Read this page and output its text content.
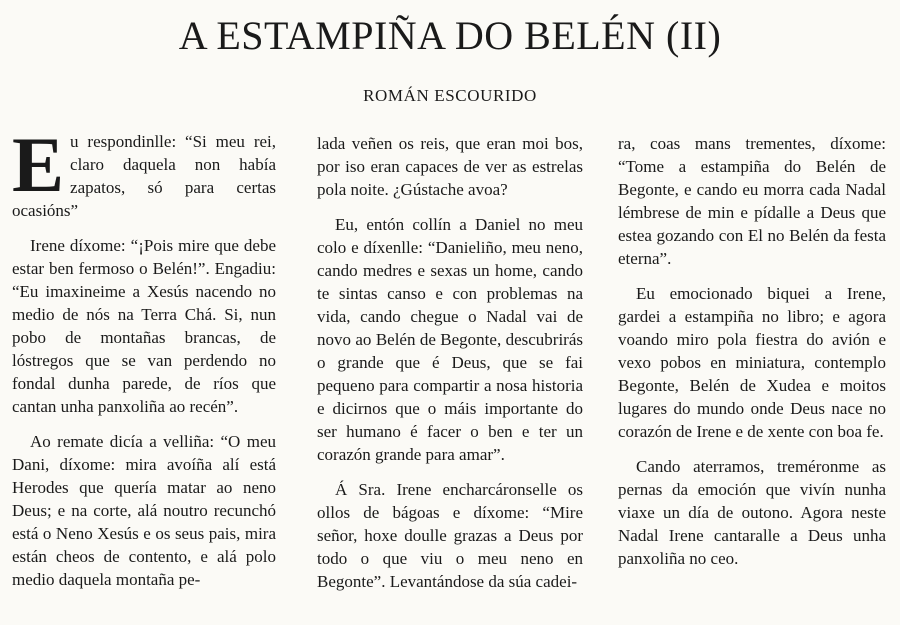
A ESTAMPIÑA DO BELÉN (II)
ROMÁN ESCOURIDO

Eu respondinlle: “Si meu rei, claro daquela non había zapatos, só para certas ocasións”

Irene díxome: “¡Pois mire que debe estar ben fermoso o Belén!”. Engadiu: “Eu imaxineime a Xesús nacendo no medio de nós na Terra Chá. Si, nun pobo de montañas brancas, de lóstregos que se van perdendo no fondal dunha parede, de ríos que cantan unha panxoliña ao recén”.

Ao remate dicía a velliña: “O meu Dani, díxome: mira avoíña alí está Herodes que quería matar ao neno Deus; e na corte, alá noutro recunchó está o Neno Xesús e os seus pais, mira están cheos de contento, e alá polo medio daquela montaña pe-

lada veñen os reis, que eran moi bos, por iso eran capaces de ver as estrelas pola noite. ¿Gústache avoa?

Eu, entón collín a Daniel no meu colo e díxenlle: “Danieliño, meu neno, cando medres e sexas un home, cando te sintas canso e con problemas na vida, cando chegue o Nadal vai de novo ao Belén de Begonte, descubrirás o grande que é Deus, que se fai pequeno para compartir a nosa historia e dicirnos que o máis importante do ser humano é facer o ben e ter un corazón grande para amar”.

Á Sra. Irene encharcáronselle os ollos de bágoas e díxome: “Mire señor, hoxe doulle grazas a Deus por todo o que viu o meu neno en Begonte”. Levantándose da súa cadei-

ra, coas mans trementes, díxome: “Tome a estampiña do Belén de Begonte, e cando eu morra cada Nadal lémbrese de min e pídalle a Deus que estea gozando con El no Belén da festa eterna”.

Eu emocionado biquei a Irene, gardei a estampiña no libro; e agora voando miro pola fiestra do avión e vexo pobos en miniatura, contemplo Begonte, Belén de Xudea e moitos lugares do mundo onde Deus nace no corazón de Irene e de xente con boa fe.

Cando aterramos, treméronme as pernas da emoción que vivín nunha viaxe un día de outono. Agora neste Nadal Irene cantaralle a Deus unha panxoliña no ceo.
